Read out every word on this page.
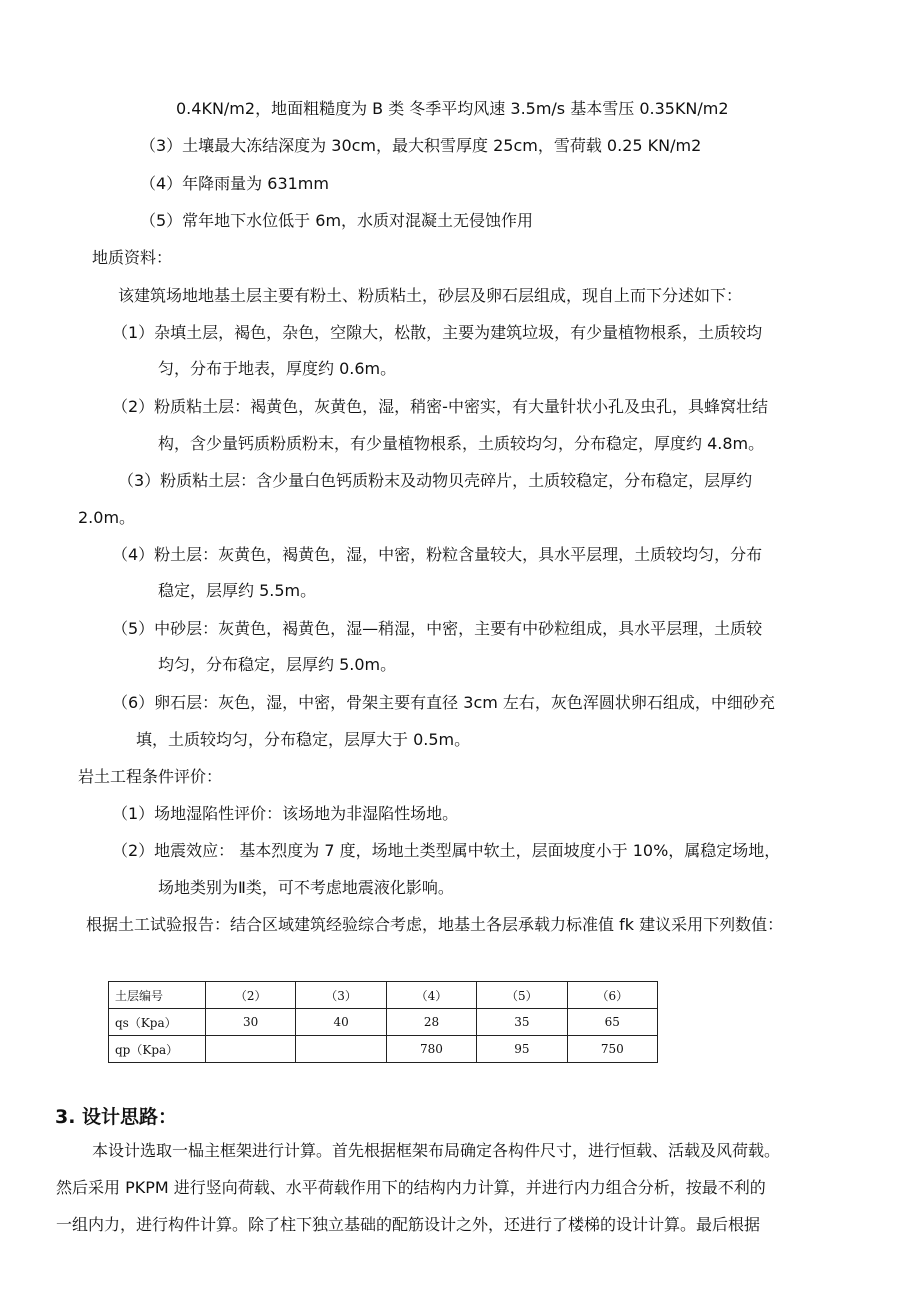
0.4KN/m2，地面粗糙度为 B 类 冬季平均风速 3.5m/s 基本雪压 0.35KN/m2
（3）土壤最大冻结深度为 30cm，最大积雪厚度 25cm，雪荷载 0.25 KN/m2
（4）年降雨量为 631mm
（5）常年地下水位低于 6m，水质对混凝土无侵蚀作用
地质资料：
该建筑场地地基土层主要有粉土、粉质粘土，砂层及卵石层组成，现自上而下分述如下：
（1）杂填土层，褐色，杂色，空隙大，松散，主要为建筑垃圾，有少量植物根系，土质较均
匀，分布于地表，厚度约 0.6m。
（2）粉质粘土层：褐黄色，灰黄色，湿，稍密-中密实，有大量针状小孔及虫孔，具蜂窝壮结
构，含少量钙质粉质粉末，有少量植物根系，土质较均匀，分布稳定，厚度约 4.8m。
（3）粉质粘土层：含少量白色钙质粉末及动物贝壳碎片，土质较稳定，分布稳定，层厚约
2.0m。
（4）粉土层：灰黄色，褐黄色，湿，中密，粉粒含量较大，具水平层理，土质较均匀，分布
稳定，层厚约 5.5m。
（5）中砂层：灰黄色，褐黄色，湿—稍湿，中密，主要有中砂粒组成，具水平层理，土质较
均匀，分布稳定，层厚约 5.0m。
（6）卵石层：灰色，湿，中密，骨架主要有直径 3cm 左右，灰色浑圆状卵石组成，中细砂充
填，土质较均匀，分布稳定，层厚大于 0.5m。
岩土工程条件评价：
（1）场地湿陷性评价：该场地为非湿陷性场地。
（2）地震效应： 基本烈度为 7 度，场地土类型属中软土，层面坡度小于 10%，属稳定场地，
场地类别为Ⅱ类，可不考虑地震液化影响。
根据土工试验报告：结合区域建筑经验综合考虑，地基土各层承载力标准值 fk 建议采用下列数值：
土层编号	（2）	（3）	（4）	（5）	（6）
qs（Kpa）	30	40	28	35	65
qp（Kpa）			780	95	750
3. 设计思路：
本设计选取一榀主框架进行计算。首先根据框架布局确定各构件尺寸，进行恒载、活载及风荷载。
然后采用 PKPM 进行竖向荷载、水平荷载作用下的结构内力计算，并进行内力组合分析，按最不利的
一组内力，进行构件计算。除了柱下独立基础的配筋设计之外，还进行了楼梯的设计计算。最后根据
